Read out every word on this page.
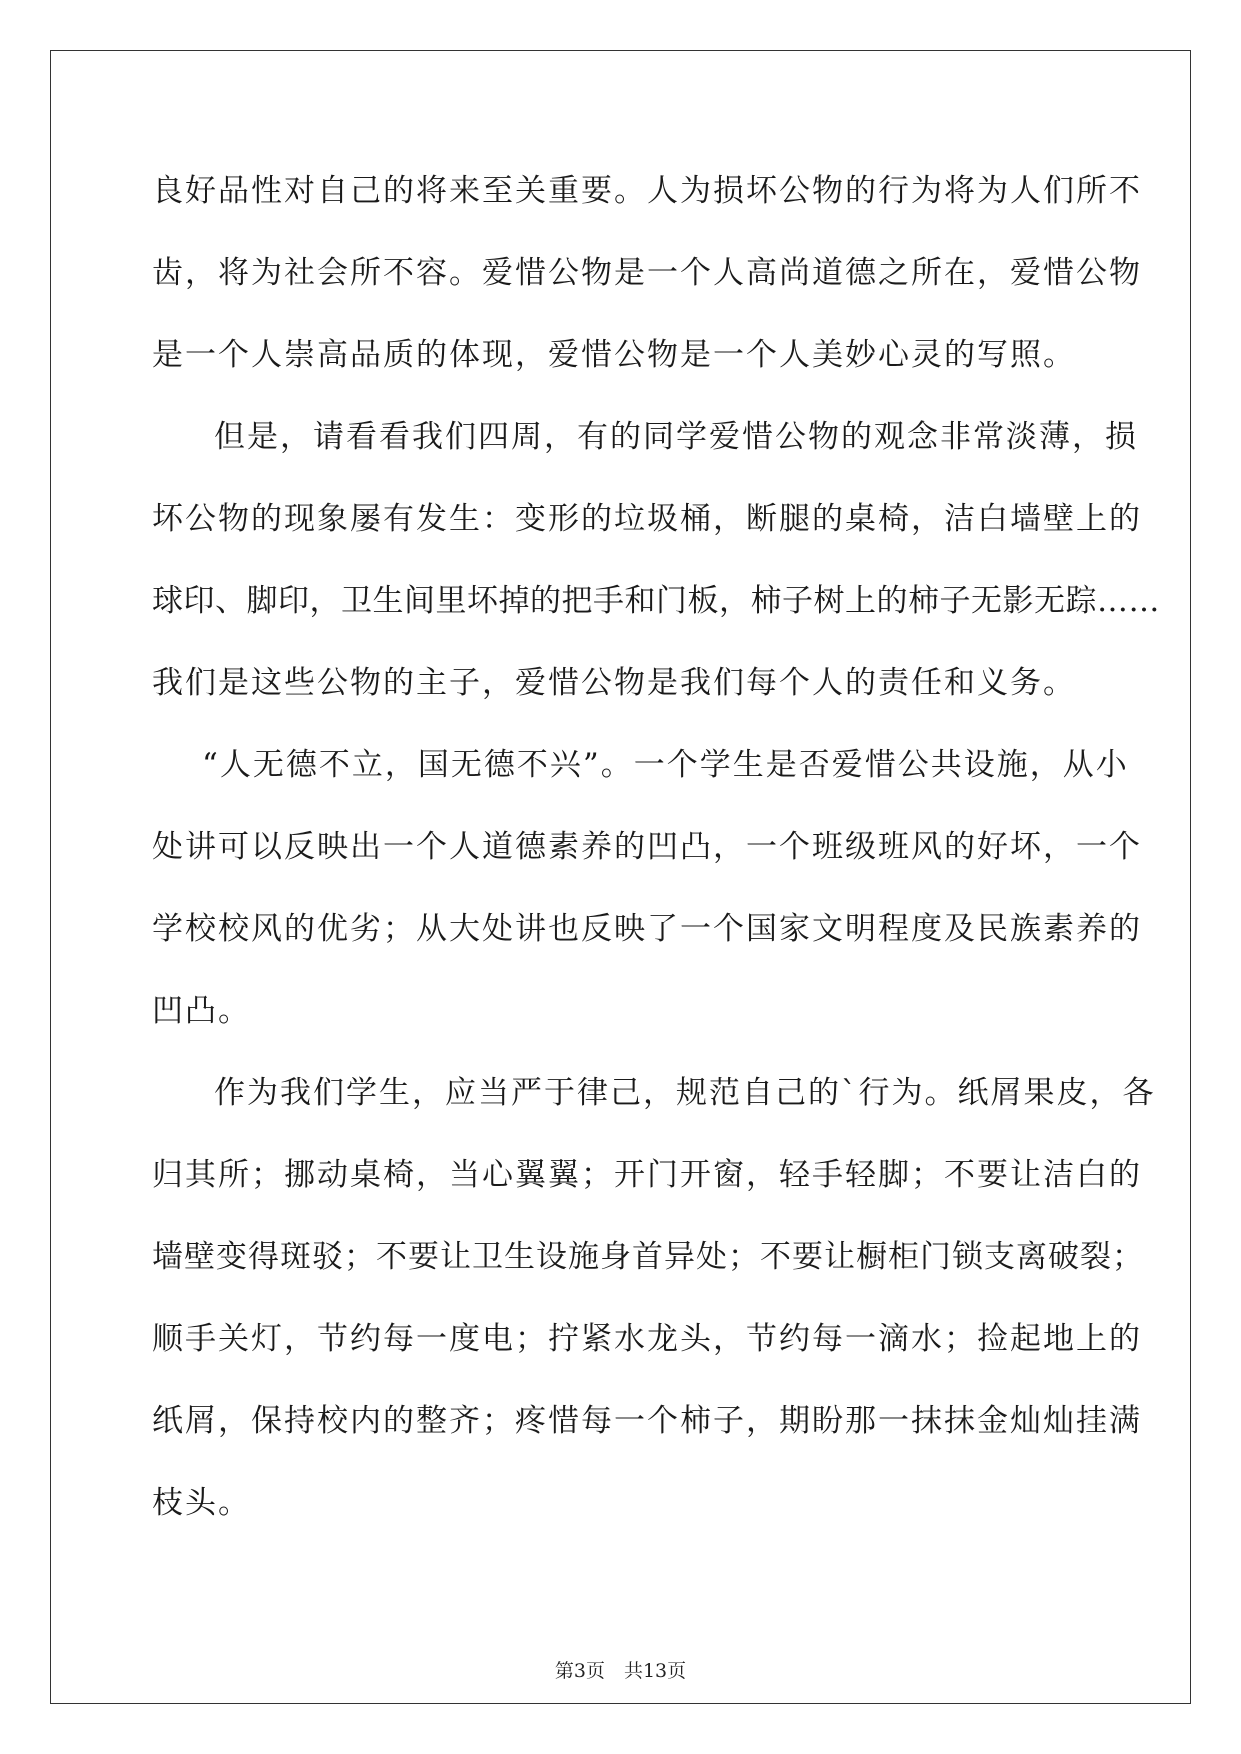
良好品性对自己的将来至关重要。人为损坏公物的行为将为人们所不

齿，将为社会所不容。爱惜公物是一个人高尚道德之所在，爱惜公物

是一个人崇高品质的体现，爱惜公物是一个人美妙心灵的写照。

但是，请看看我们四周，有的同学爱惜公物的观念非常淡薄，损

坏公物的现象屡有发生：变形的垃圾桶，断腿的桌椅，洁白墙壁上的

球印、脚印，卫生间里坏掉的把手和门板，柿子树上的柿子无影无踪……

我们是这些公物的主子，爱惜公物是我们每个人的责任和义务。

“人无德不立，国无德不兴”。一个学生是否爱惜公共设施，从小

处讲可以反映出一个人道德素养的凹凸，一个班级班风的好坏，一个

学校校风的优劣；从大处讲也反映了一个国家文明程度及民族素养的

凹凸。

作为我们学生，应当严于律己，规范自己的`行为。纸屑果皮，各

归其所；挪动桌椅，当心翼翼；开门开窗，轻手轻脚；不要让洁白的

墙壁变得斑驳；不要让卫生设施身首异处；不要让橱柜门锁支离破裂；

顺手关灯，节约每一度电；拧紧水龙头，节约每一滴水；捡起地上的

纸屑，保持校内的整齐；疼惜每一个柿子，期盼那一抹抹金灿灿挂满

枝头。

第3页　共13页
